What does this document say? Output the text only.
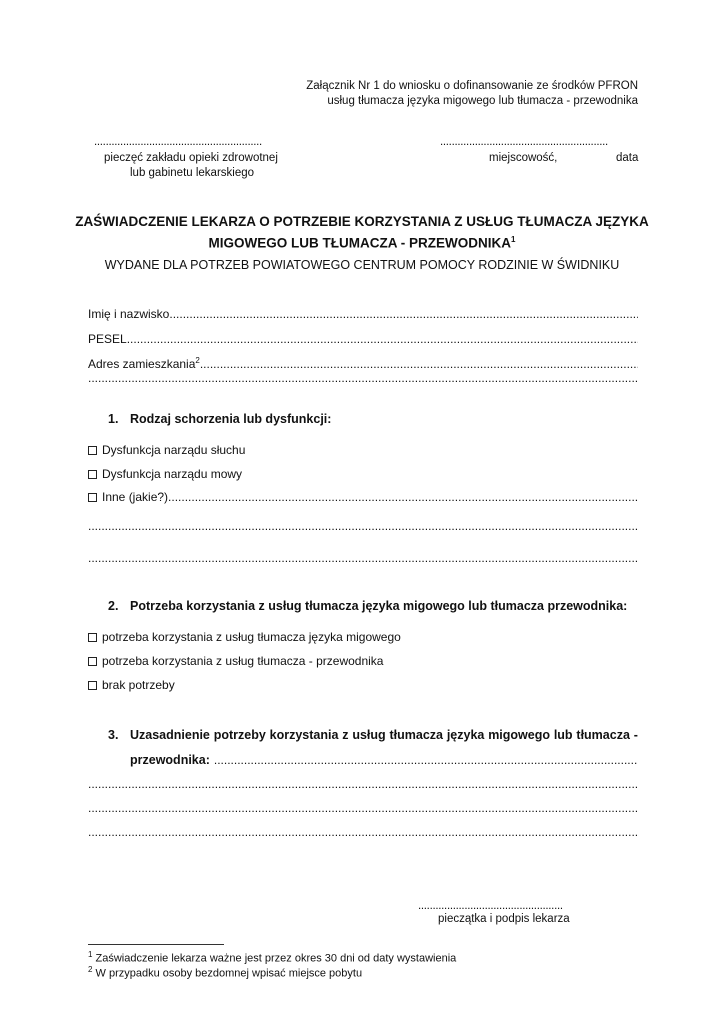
Załącznik Nr 1 do wniosku o dofinansowanie ze środków PFRON
usług tłumacza języka migowego lub tłumacza - przewodnika
..........................................................
pieczęć zakładu opieki zdrowotnej
lub gabinetu lekarskiego
..........................................................
miejscowość,	data
ZAŚWIADCZENIE LEKARZA O POTRZEBIE KORZYSTANIA Z USŁUG TŁUMACZA JĘZYKA
MIGOWEGO LUB TŁUMACZA - PRZEWODNIKA$^1$
WYDANE DLA POTRZEB POWIATOWEGO CENTRUM POMOCY RODZINIE W ŚWIDNIKU
Imię i nazwisko
.....
PESEL
.....
Adres zamieszkania$^2$
.....
.....
1. Rodzaj schorzenia lub dysfunkcji:
Dysfunkcja narządu słuchu
Dysfunkcja narządu mowy
Inne (jakie?)
.....
.....
.....
2. Potrzeba korzystania z usług tłumacza języka migowego lub tłumacza przewodnika:
potrzeba korzystania z usług tłumacza języka migowego
potrzeba korzystania z usług tłumacza - przewodnika
brak potrzeby
3. Uzasadnienie potrzeby korzystania z usług tłumacza języka migowego lub tłumacza -
przewodnika:
.....
.....
.....
.....
..................................................
pieczątka i podpis lekarza
$^1$ Zaświadczenie lekarza ważne jest przez okres 30 dni od daty wystawienia
$^2$ W przypadku osoby bezdomnej wpisać miejsce pobytu
